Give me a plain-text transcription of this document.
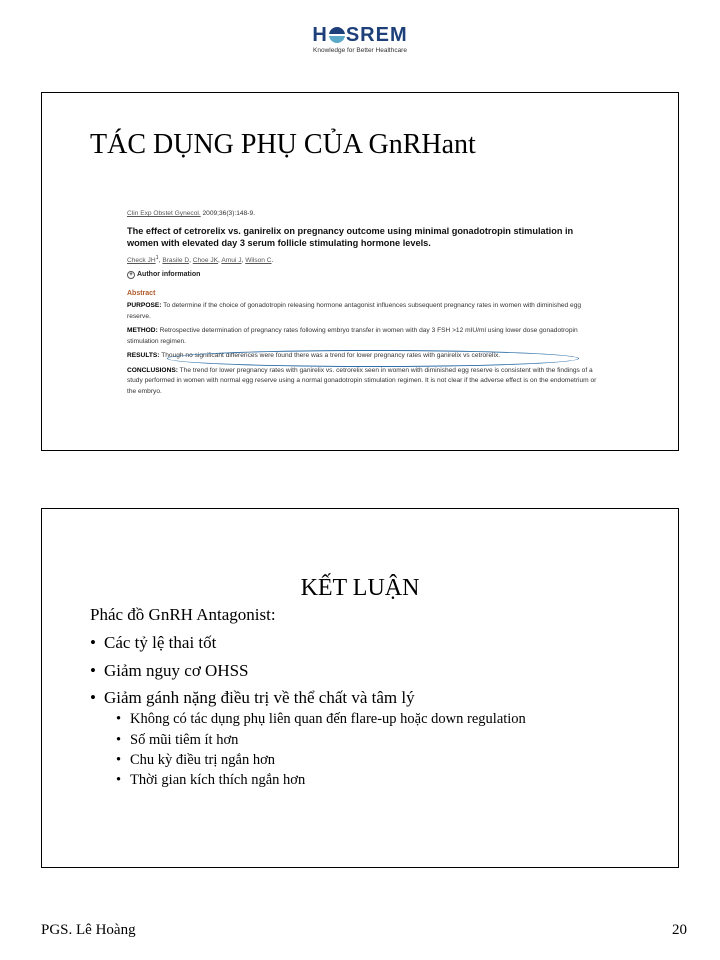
H SREM
Knowledge for Better Healthcare
TÁC DỤNG PHỤ CỦA GnRHant
Clin Exp Obstet Gynecol. 2009;36(3):148-9.
The effect of cetrorelix vs. ganirelix on pregnancy outcome using minimal gonadotropin stimulation in women with elevated day 3 serum follicle stimulating hormone levels.
Check $JH^1$, Brasile D, Choe JK, Amui J, Wilson C.
+ Author information
Abstract
PURPOSE: To determine if the choice of gonadotropin releasing hormone antagonist influences subsequent pregnancy rates in women with diminished egg reserve.
METHOD: Retrospective determination of pregnancy rates following embryo transfer in women with day 3 FSH >12 mIU/ml using lower dose gonadotropin stimulation regimen.
RESULTS: Though no significant differences were found there was a trend for lower pregnancy rates with ganirelix vs cetrorelix.
CONCLUSIONS: The trend for lower pregnancy rates with ganirelix vs. cetrorelix seen in women with diminished egg reserve is consistent with the findings of a study performed in women with normal egg reserve using a normal gonadotropin stimulation regimen. It is not clear if the adverse effect is on the endometrium or the embryo.
KẾT LUẬN
Phác đồ GnRH Antagonist:
• Các tỷ lệ thai tốt
• Giảm nguy cơ OHSS
• Giảm gánh nặng điều trị về thể chất và tâm lý
• Không có tác dụng phụ liên quan đến flare-up hoặc down regulation
• Số mũi tiêm ít hơn
• Chu kỳ điều trị ngắn hơn
• Thời gian kích thích ngắn hơn
PGS. Lê Hoàng	20
